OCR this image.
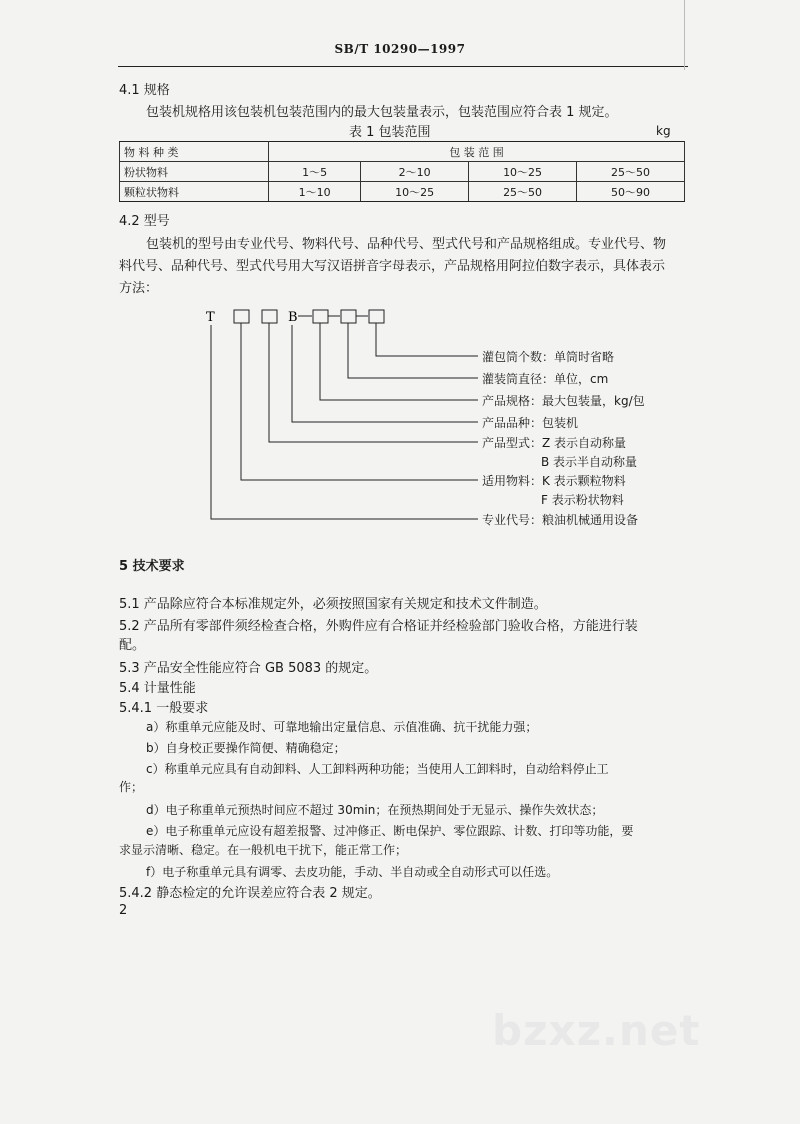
SB/T 10290—1997
4.1 规格
包装机规格用该包装机包装范围内的最大包装量表示，包装范围应符合表 1 规定。
表 1 包装范围	kg
物 料 种 类	包 装 范 围			
粉状物料	1～5	2～10	10～25	25～50
颗粒状物料	1～10	10～25	25～50	50～90
4.2 型号
包装机的型号由专业代号、物料代号、品种代号、型式代号和产品规格组成。专业代号、物
料代号、品种代号、型式代号用大写汉语拼音字母表示，产品规格用阿拉伯数字表示，具体表示
方法：
T	B
灌包筒个数：单筒时省略
灌装筒直径：单位，cm
产品规格：最大包装量，kg/包
产品品种：包装机
产品型式：Z 表示自动称量
B 表示半自动称量
适用物料：K 表示颗粒物料
F 表示粉状物料
专业代号：粮油机械通用设备
5 技术要求
5.1 产品除应符合本标准规定外，必须按照国家有关规定和技术文件制造。
5.2 产品所有零部件须经检查合格，外购件应有合格证并经检验部门验收合格，方能进行装
配。
5.3 产品安全性能应符合 GB 5083 的规定。
5.4 计量性能
5.4.1 一般要求
a）称重单元应能及时、可靠地输出定量信息、示值准确、抗干扰能力强；
b）自身校正要操作简便、精确稳定；
c）称重单元应具有自动卸料、人工卸料两种功能；当使用人工卸料时，自动给料停止工
作；
d）电子称重单元预热时间应不超过 30min；在预热期间处于无显示、操作失效状态；
e）电子称重单元应设有超差报警、过冲修正、断电保护、零位跟踪、计数、打印等功能，要
求显示清晰、稳定。在一般机电干扰下，能正常工作；
f）电子称重单元具有调零、去皮功能，手动、半自动或全自动形式可以任选。
5.4.2 静态检定的允许误差应符合表 2 规定。
2
bzxz.net
